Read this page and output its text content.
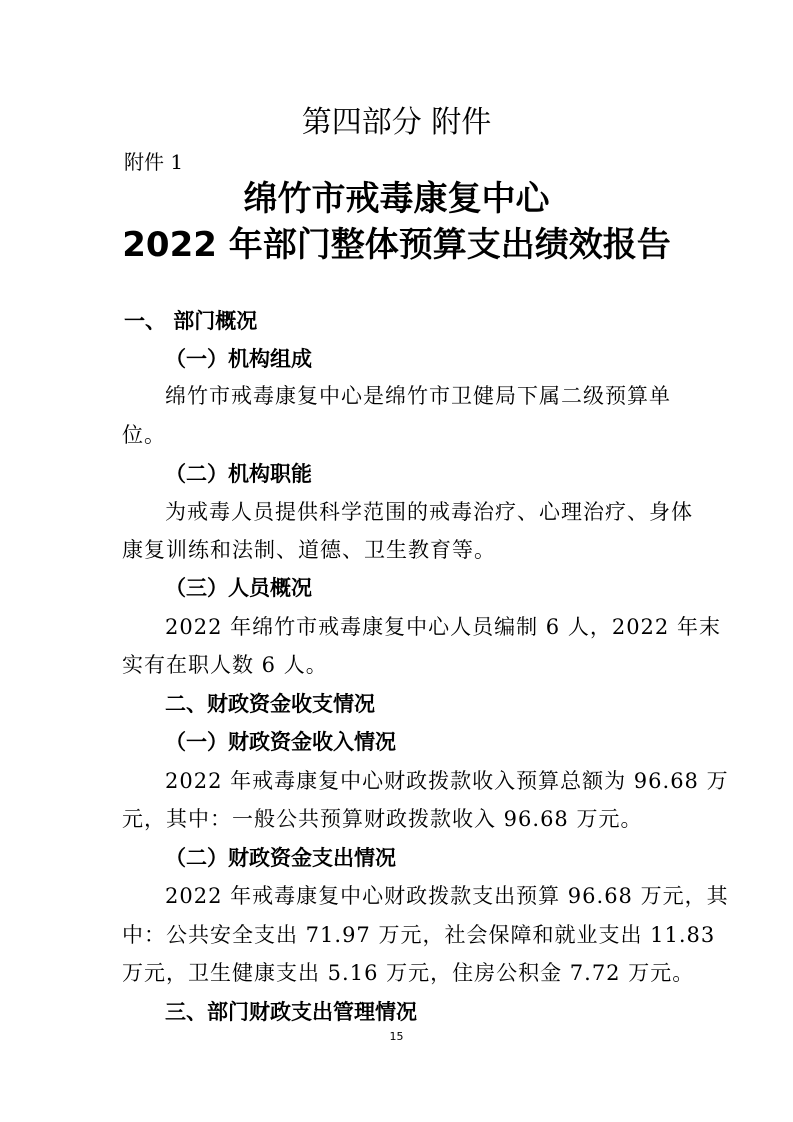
第四部分 附件
附件 1
绵竹市戒毒康复中心
2022 年部门整体预算支出绩效报告
一、 部门概况
（一）机构组成
绵竹市戒毒康复中心是绵竹市卫健局下属二级预算单
位。
（二）机构职能
为戒毒人员提供科学范围的戒毒治疗、心理治疗、身体
康复训练和法制、道德、卫生教育等。
（三）人员概况
2022 年绵竹市戒毒康复中心人员编制 6 人，2022 年末
实有在职人数 6 人。
二、财政资金收支情况
（一）财政资金收入情况
2022 年戒毒康复中心财政拨款收入预算总额为 96.68 万
元，其中：一般公共预算财政拨款收入 96.68 万元。
（二）财政资金支出情况
2022 年戒毒康复中心财政拨款支出预算 96.68 万元，其
中：公共安全支出 71.97 万元，社会保障和就业支出 11.83
万元，卫生健康支出 5.16 万元，住房公积金 7.72 万元。
三、部门财政支出管理情况
15
